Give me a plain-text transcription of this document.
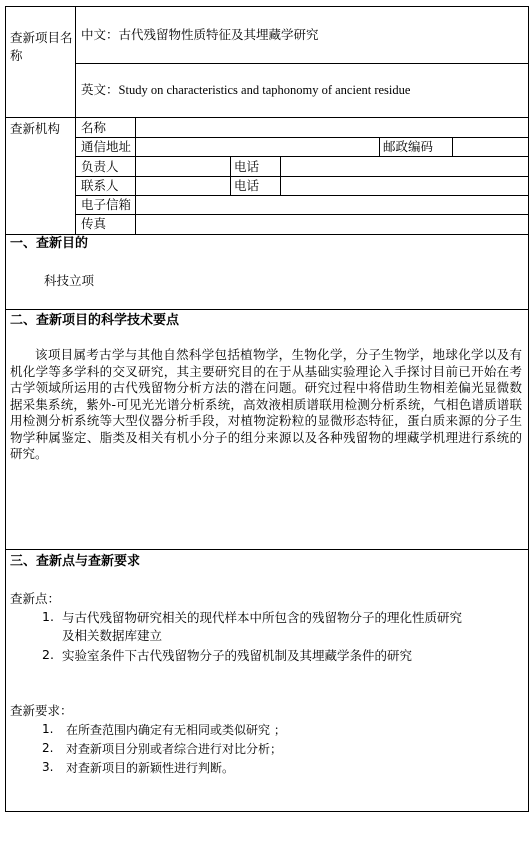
查新项目名称
中文：古代残留物性质特征及其埋藏学研究
英文：Study on characteristics and taphonomy of ancient residue
查新机构 名称
通信地址	邮政编码
负责人	电话
联系人	电话
电子信箱
传真
一、查新目的
科技立项
二、查新项目的科学技术要点
该项目属考古学与其他自然科学包括植物学，生物化学，分子生物学，地球化学以及有机化学等多学科的交叉研究，其主要研究目的在于从基础实验理论入手探讨目前已开始在考古学领域所运用的古代残留物分析方法的潜在问题。研究过程中将借助生物相差偏光显微数据采集系统，紫外-可见光光谱分析系统，高效液相质谱联用检测分析系统，气相色谱质谱联用检测分析系统等大型仪器分析手段，对植物淀粉粒的显微形态特征，蛋白质来源的分子生物学种属鉴定、脂类及相关有机小分子的组分来源以及各种残留物的埋藏学机理进行系统的研究。
三、查新点与查新要求
查新点：
1. 与古代残留物研究相关的现代样本中所包含的残留物分子的理化性质研究
及相关数据库建立
2. 实验室条件下古代残留物分子的残留机制及其埋藏学条件的研究
查新要求：
1. 在所查范围内确定有无相同或类似研究 ；
2. 对查新项目分别或者综合进行对比分析；
3. 对查新项目的新颖性进行判断。
